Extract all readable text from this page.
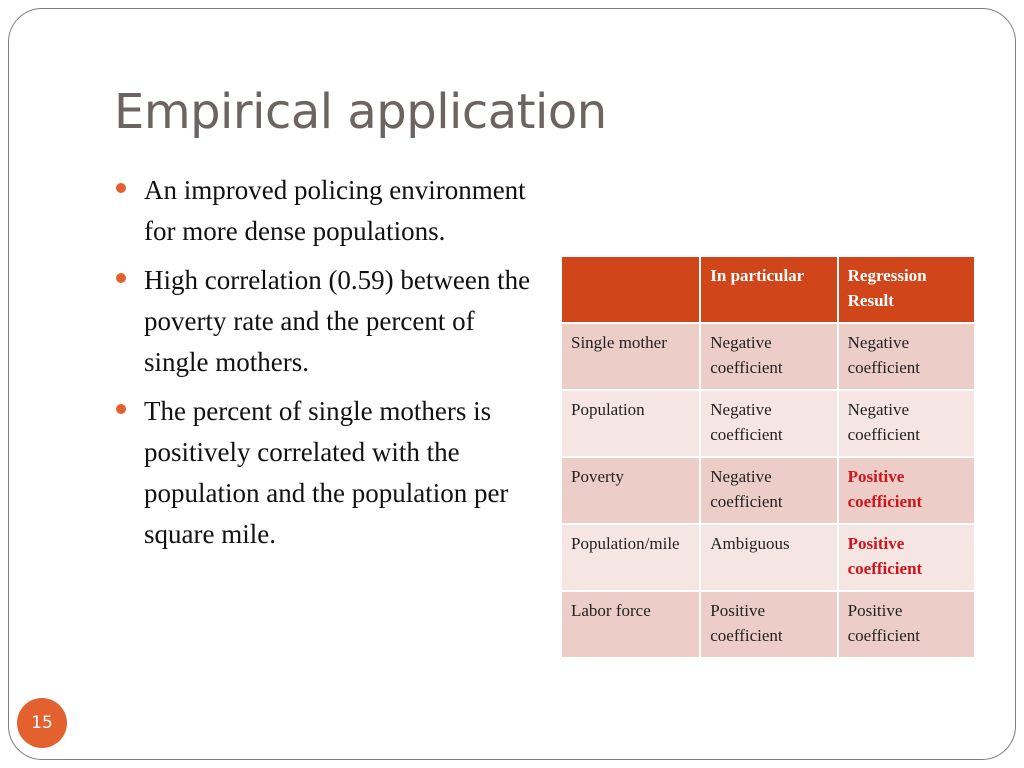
Empirical application
An improved policing environment for more dense populations.
High correlation (0.59) between the poverty rate and the percent of single mothers.
The percent of single mothers is positively correlated with the population and the population per square mile.
	In particular	Regression Result
Single mother	Negative coefficient	Negative coefficient
Population	Negative coefficient	Negative coefficient
Poverty	Negative coefficient	Positive coefficient
Population/mile	Ambiguous	Positive coefficient
Labor force	Positive coefficient	Positive coefficient
15
